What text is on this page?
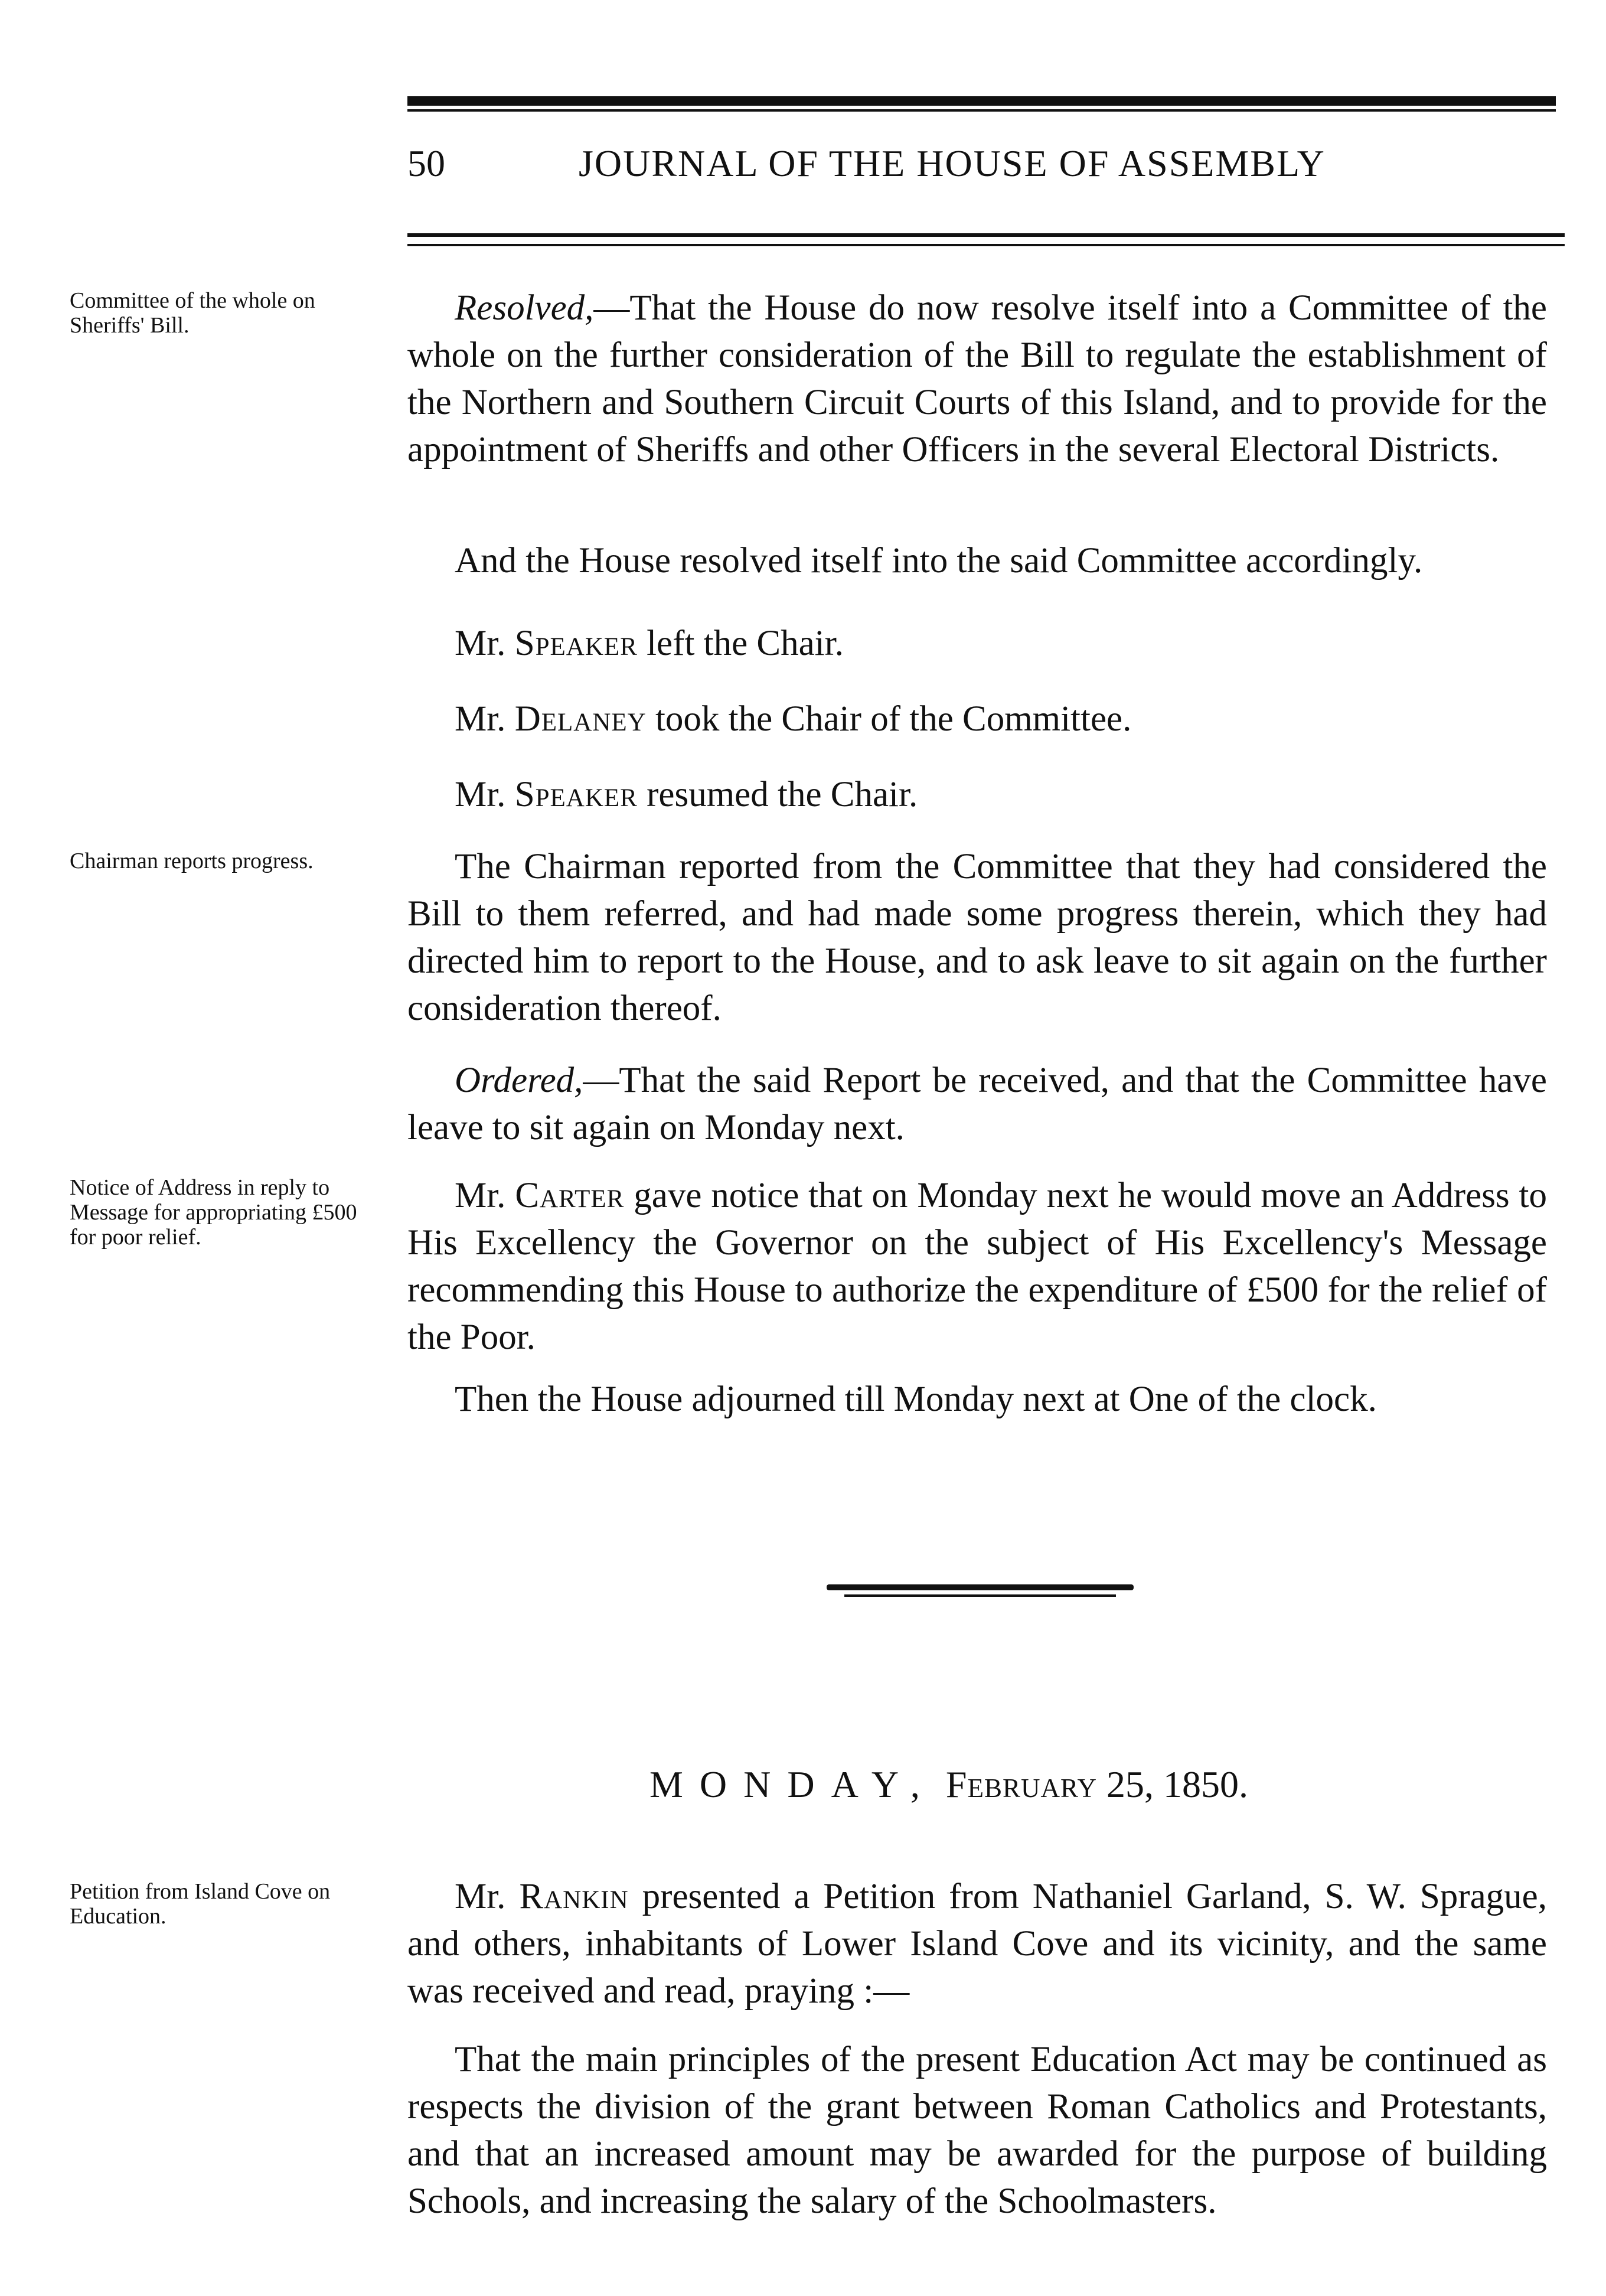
50	JOURNAL OF THE HOUSE OF ASSEMBLY
Committee of the whole on Sheriffs' Bill.
Chairman reports progress.
Notice of Address in reply to Message for appropriating £500 for poor relief.
Petition from Island Cove on Education.
Resolved,—That the House do now resolve itself into a Committee of the whole on the further consideration of the Bill to regulate the establishment of the Northern and Southern Circuit Courts of this Island, and to provide for the appointment of Sheriffs and other Officers in the several Electoral Districts.
And the House resolved itself into the said Committee accordingly.
Mr. Speaker left the Chair.
Mr. Delaney took the Chair of the Committee.
Mr. Speaker resumed the Chair.
The Chairman reported from the Committee that they had considered the Bill to them referred, and had made some progress therein, which they had directed him to report to the House, and to ask leave to sit again on the further consideration thereof.
Ordered,—That the said Report be received, and that the Committee have leave to sit again on Monday next.
Mr. Carter gave notice that on Monday next he would move an Address to His Excellency the Governor on the subject of His Excellency's Message recommending this House to authorize the expenditure of £500 for the relief of the Poor.
Then the House adjourned till Monday next at One of the clock.
MONDAY, February 25, 1850.
Mr. Rankin presented a Petition from Nathaniel Garland, S. W. Sprague, and others, inhabitants of Lower Island Cove and its vicinity, and the same was received and read, praying :—
That the main principles of the present Education Act may be continued as respects the division of the grant between Roman Catholics and Protestants, and that an increased amount may be awarded for the purpose of building Schools, and increasing the salary of the Schoolmasters.
